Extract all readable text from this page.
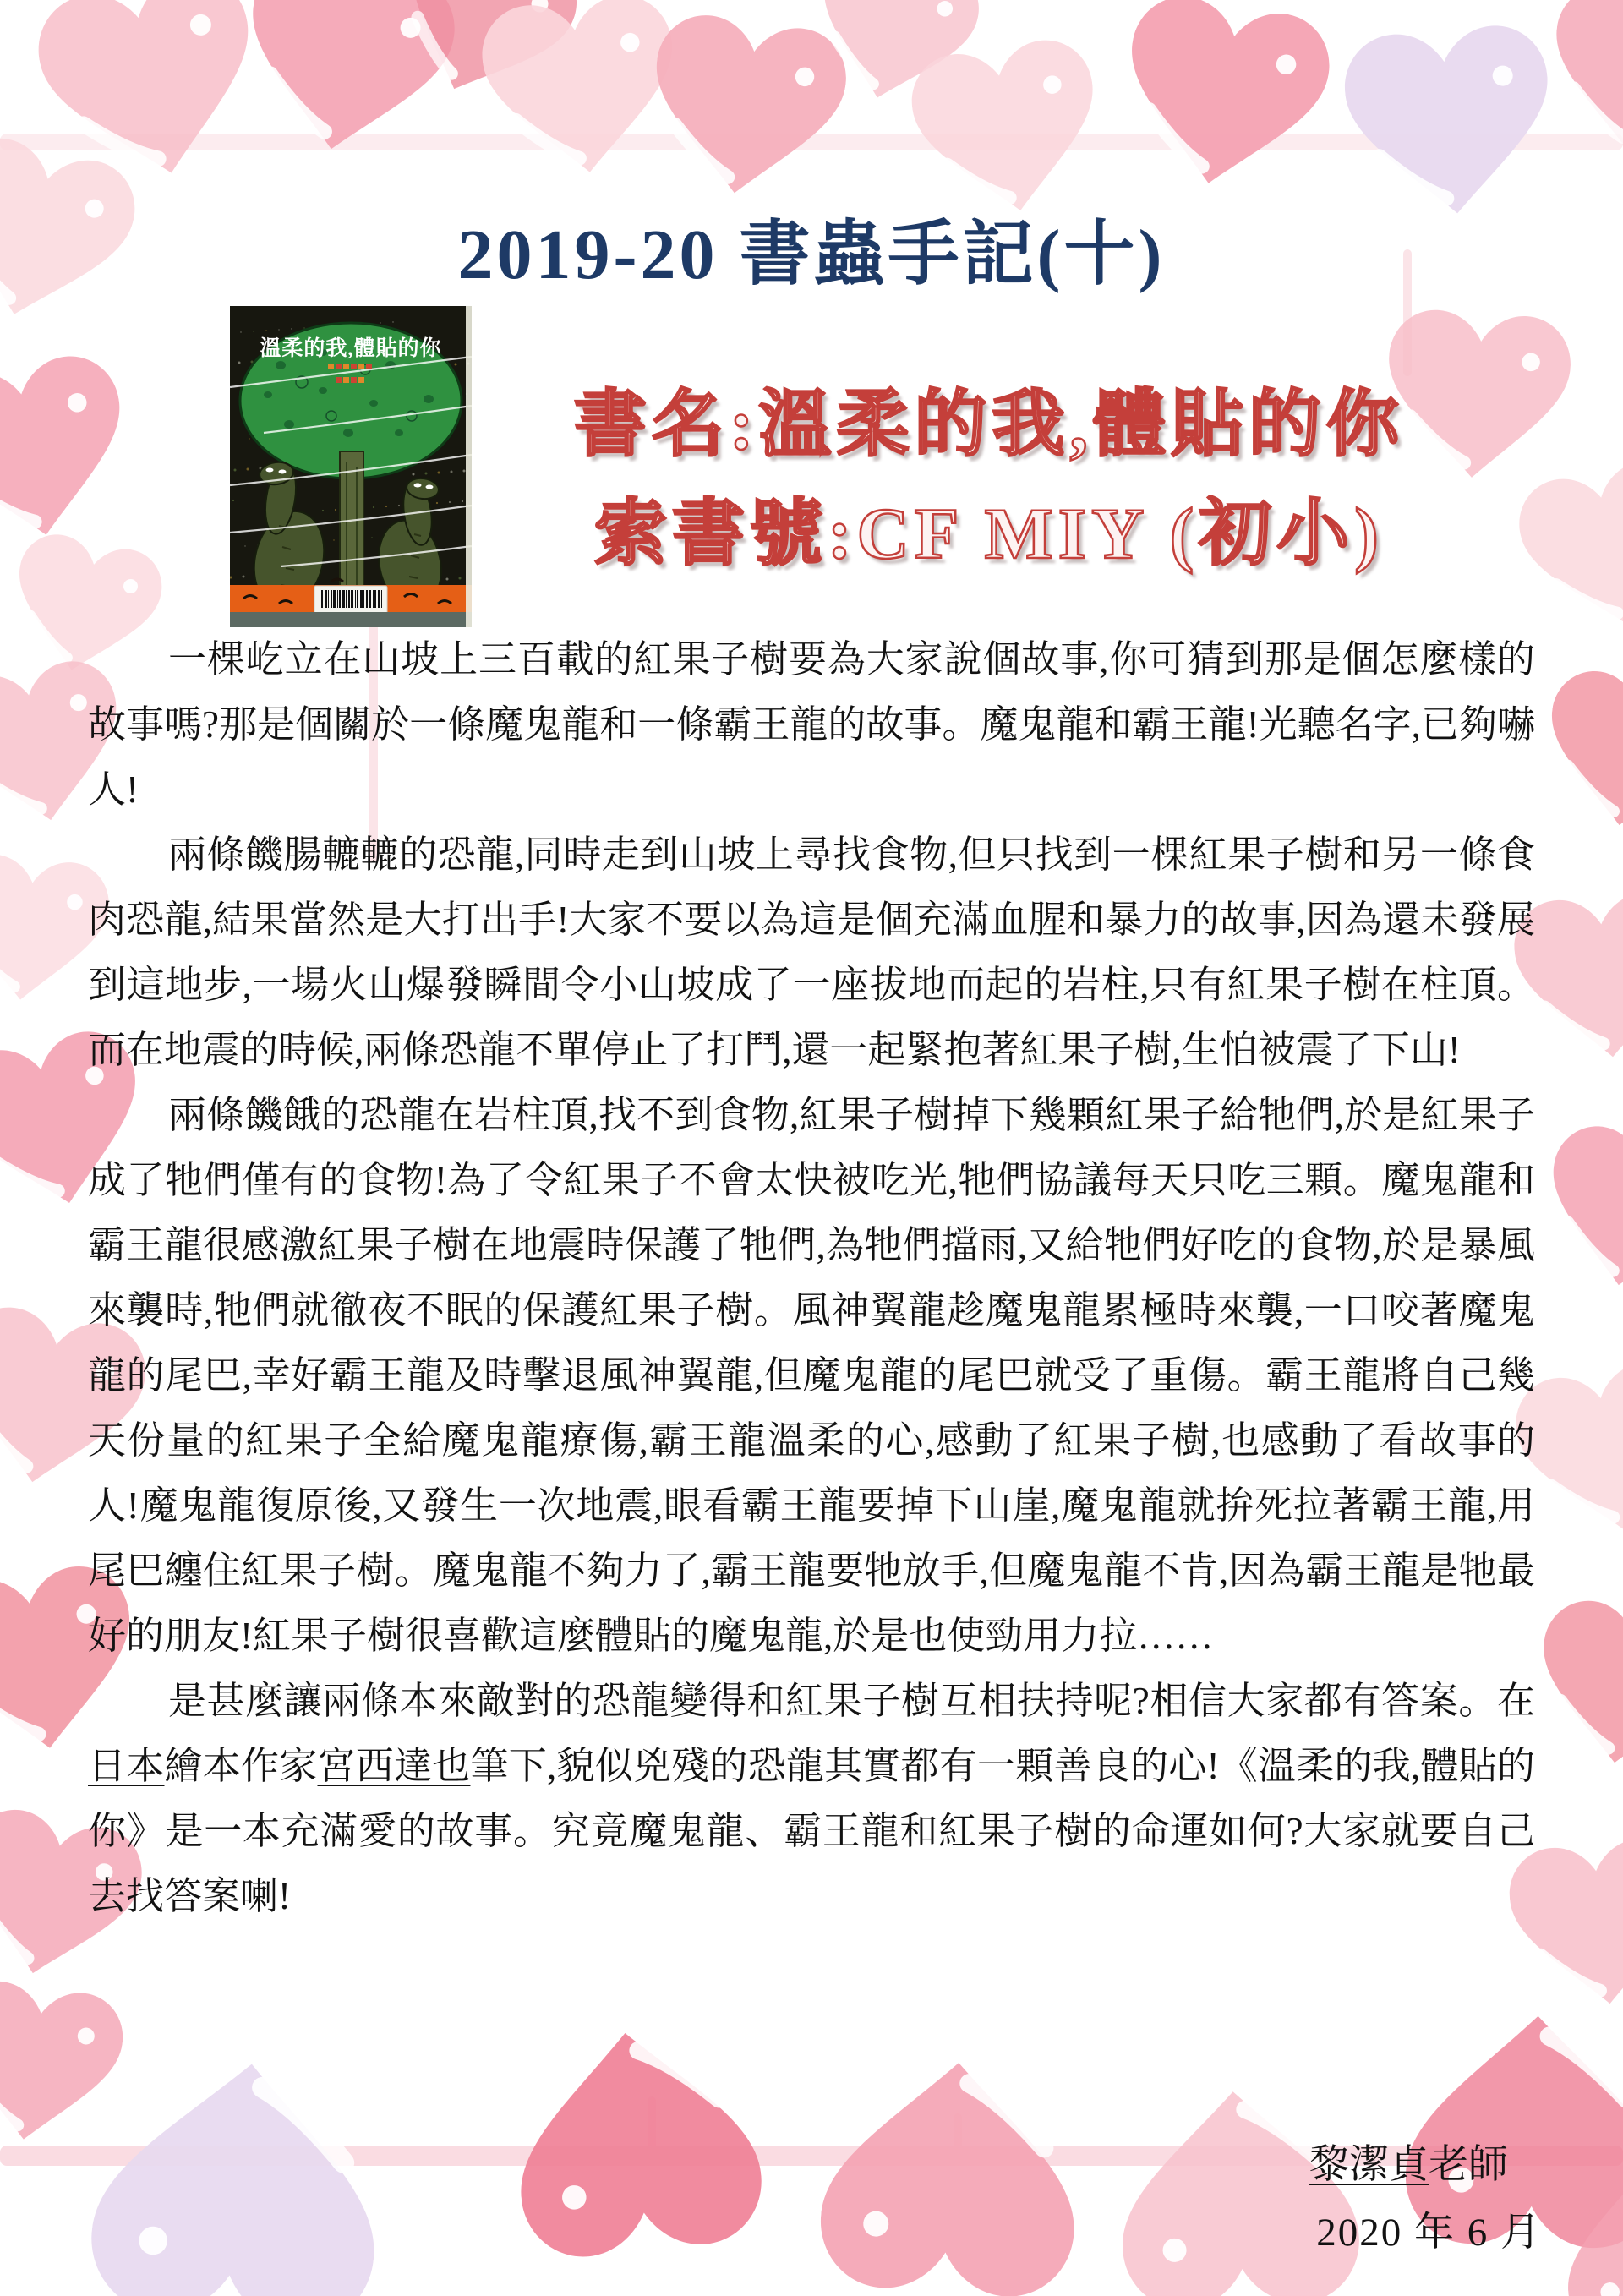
2019-20 書蟲手記(十)
溫柔的我,體貼的你
書名:溫柔的我,體貼的你
索書號:CF MIY (初小)

一棵屹立在山坡上三百載的紅果子樹要為大家說個故事,你可猜到那是個怎麼樣的故事嗎?那是個關於一條魔鬼龍和一條霸王龍的故事。魔鬼龍和霸王龍!光聽名字,已夠嚇人!

兩條饑腸轆轆的恐龍,同時走到山坡上尋找食物,但只找到一棵紅果子樹和另一條食肉恐龍,結果當然是大打出手!大家不要以為這是個充滿血腥和暴力的故事,因為還未發展到這地步,一場火山爆發瞬間令小山坡成了一座拔地而起的岩柱,只有紅果子樹在柱頂。而在地震的時候,兩條恐龍不單停止了打鬥,還一起緊抱著紅果子樹,生怕被震了下山!

兩條饑餓的恐龍在岩柱頂,找不到食物,紅果子樹掉下幾顆紅果子給牠們,於是紅果子成了牠們僅有的食物!為了令紅果子不會太快被吃光,牠們協議每天只吃三顆。魔鬼龍和霸王龍很感激紅果子樹在地震時保護了牠們,為牠們擋雨,又給牠們好吃的食物,於是暴風來襲時,牠們就徹夜不眠的保護紅果子樹。風神翼龍趁魔鬼龍累極時來襲,一口咬著魔鬼龍的尾巴,幸好霸王龍及時擊退風神翼龍,但魔鬼龍的尾巴就受了重傷。霸王龍將自己幾天份量的紅果子全給魔鬼龍療傷,霸王龍溫柔的心,感動了紅果子樹,也感動了看故事的人!魔鬼龍復原後,又發生一次地震,眼看霸王龍要掉下山崖,魔鬼龍就拚死拉著霸王龍,用尾巴纏住紅果子樹。魔鬼龍不夠力了,霸王龍要牠放手,但魔鬼龍不肯,因為霸王龍是牠最好的朋友!紅果子樹很喜歡這麼體貼的魔鬼龍,於是也使勁用力拉……

是甚麼讓兩條本來敵對的恐龍變得和紅果子樹互相扶持呢?相信大家都有答案。在日本繪本作家宮西達也筆下,貌似兇殘的恐龍其實都有一顆善良的心!《溫柔的我,體貼的你》是一本充滿愛的故事。究竟魔鬼龍、霸王龍和紅果子樹的命運如何?大家就要自己去找答案喇!

黎潔貞老師
2020 年 6 月
